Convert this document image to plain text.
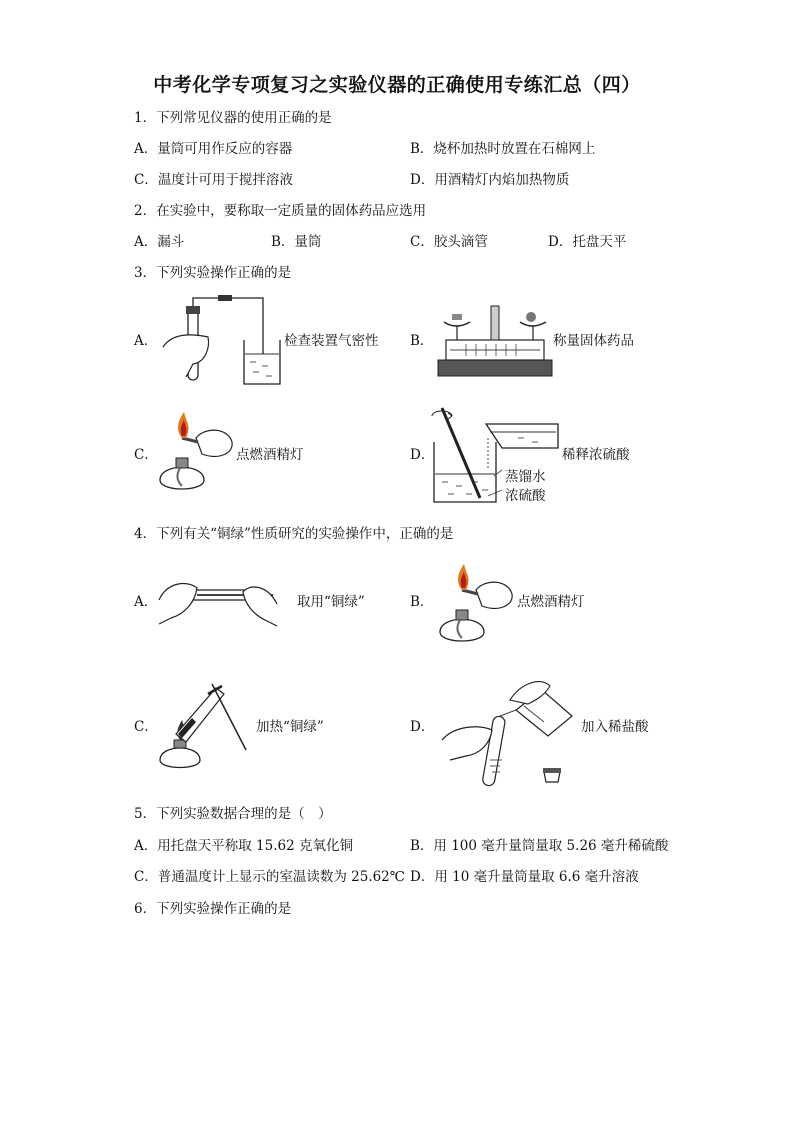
中考化学专项复习之实验仪器的正确使用专练汇总（四）
1．下列常见仪器的使用正确的是
A．量筒可用作反应的容器	B．烧杯加热时放置在石棉网上
C．温度计可用于搅拌溶液	D．用酒精灯内焰加热物质
2．在实验中，要称取一定质量的固体药品应选用
A．漏斗	B．量筒	C．胶头滴管	D．托盘天平
3．下列实验操作正确的是
A．	检查装置气密性 B．	称量固体药品
C．	点燃酒精灯	D．	稀释浓硫酸
蒸馏水
浓硫酸
4．下列有关“铜绿”性质研究的实验操作中，正确的是
A．	取用“铜绿”	B．	点燃酒精灯
C．	加热“铜绿”	D．	加入稀盐酸
5．下列实验数据合理的是（　）
A．用托盘天平称取 15.62 克氧化铜	B．用 100 毫升量筒量取 5.26 毫升稀硫酸
C．普通温度计上显示的室温读数为 25.62℃ D．用 10 毫升量筒量取 6.6 毫升溶液
6．下列实验操作正确的是
